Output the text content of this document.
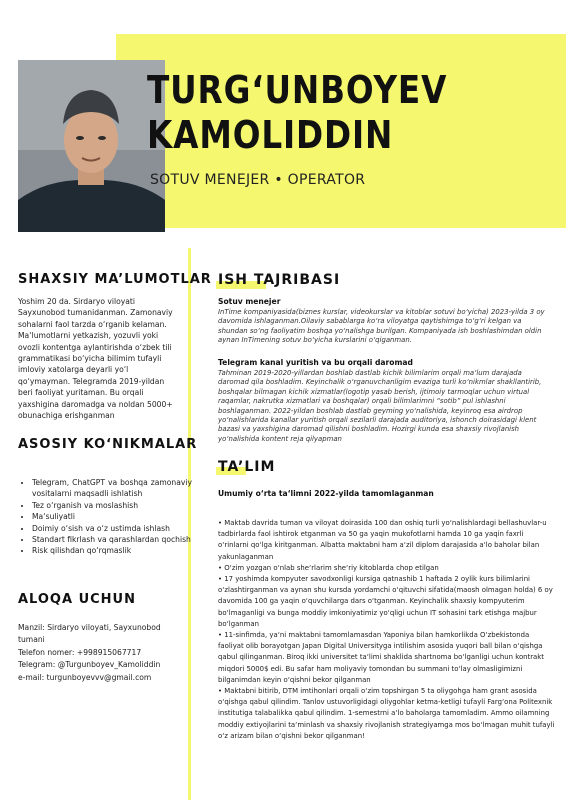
TURG‘UNBOYEV
KAMOLIDDIN
SOTUV MENEJER • OPERATOR
SHAXSIY MA’LUMOTLAR

Yoshim 20 da. Sirdaryo viloyati Sayxunobod tumanidanman. Zamonaviy sohalarni faol tarzda o‘rganib kelaman. Ma‘lumotlarni yetkazish, yozuvli yoki ovozli kontentga aylantirishda o‘zbek tili grammatikasi bo‘yicha bilimim tufayli imloviy xatolarga deyarli yo‘l qo‘ymayman. Telegramda 2019-yildan beri faoliyat yuritaman. Bu orqali yaxshigina daromadga va noldan 5000+ obunachiga erishganman

ASOSIY KO‘NIKMALAR
• Telegram, ChatGPT va boshqa zamonaviy vositalarni maqsadli ishlatish
• Tez o‘rganish va moslashish
• Ma‘suliyatli
• Doimiy o‘sish va o‘z ustimda ishlash
• Standart fikrlash va qarashlardan qochish
• Risk qilishdan qo‘rqmaslik
ALOQA UCHUN
Manzil: Sirdaryo viloyati, Sayxunobod
tumani
Telefon nomer: +998915067717
Telegram: @Turgunboyev_Kamoliddin
e-mail: turgunboyevvv@gmail.com
ISH TAJRIBASI

Sotuv menejer

InTime kompaniyasida(biznes kurslar, videokurslar va kitoblar sotuvi bo‘yicha) 2023-yilda 3 oy davomida ishlaganman.Oilaviy sabablarga ko‘ra viloyatga qaytishimga to‘g‘ri kelgan va shundan so‘ng faoliyatim boshqa yo‘nalishga burilgan. Kompaniyada ish boshlashimdan oldin aynan InTimening sotuv bo‘yicha kurslarini o‘qiganman.

Telegram kanal yuritish va bu orqali daromad

Tahminan 2019-2020-yillardan boshlab dastlab kichik bilimlarim orqali ma‘lum darajada daromad qila boshladim. Keyinchalik o‘rganuvchanligim evaziga turli ko‘nikmlar shakllantirib, boshqalar bilmagan kichik xizmatlar(logotip yasab berish, ijtimoiy tarmoqlar uchun virtual raqamlar, nakrutka xizmatlari va boshqalar) orqali bilimlarimni “sotib” pul ishlashni boshlaganman. 2022-yildan boshlab dastlab geyming yo‘nalishida, keyinroq esa airdrop yo‘nalishlarida kanallar yuritish orqali sezilarli darajada auditoriya, ishonch doirasidagi klent bazasi va yaxshigina daromad qilishni boshladim. Hozirgi kunda esa shaxsiy rivojlanish yo‘nalishida kontent reja qilyapman

TA’LIM

Umumiy o‘rta ta‘limni 2022-yilda tamomlaganman

• Maktab davrida tuman va viloyat doirasida 100 dan oshiq turli yo‘nalishlardagi bellashuvlar-u tadbirlarda faol ishtirok etganman va 50 ga yaqin mukofotlarni hamda 10 ga yaqin faxrli o‘rinlarni qo‘lga kiritganman. Albatta maktabni ham a‘zil diplom darajasida a‘lo baholar bilan yakunlaganman
• O‘zim yozgan o‘nlab she‘rlarim she‘riy kitoblarda chop etilgan
• 17 yoshimda kompyuter savodxonligi kursiga qatnashib 1 haftada 2 oylik kurs bilimlarini o‘zlashtirganman va aynan shu kursda yordamchi o‘qituvchi sifatida(maosh olmagan holda) 6 oy davomida 100 ga yaqin o‘quvchilarga dars o‘tganman. Keyinchalik shaxsiy kompyuterim bo‘lmaganligi va bunga moddiy imkoniyatimiz yo‘qligi uchun IT sohasini tark etishga majbur bo‘lganman
• 11-sinfimda, ya‘ni maktabni tamomlamasdan Yaponiya bilan hamkorlikda O‘zbekistonda faoliyat olib borayotgan Japan Digital Universityga intilishim asosida yuqori ball bilan o‘qishga qabul qilinganman. Biroq ikki universitet ta‘limi shaklida shartnoma bo‘lganligi uchun kontrakt miqdori 5000$ edi. Bu safar ham moliyaviy tomondan bu summani to‘lay olmasligimizni bilganimdan keyin o‘qishni bekor qilganman
• Maktabni bitirib, DTM imtihonlari orqali o‘zim topshirgan 5 ta oliygohga ham grant asosida o‘qishga qabul qilindim. Tanlov ustuvorligidagi oliygohlar ketma-ketligi tufayli Farg‘ona Politexnik institutiga talabalikka qabul qilindim. 1-semestrni a‘lo baholarga tamomladim. Ammo oilamning moddiy extiyojlarini ta‘minlash va shaxsiy rivojlanish strategiyamga mos bo‘lmagan muhit tufayli o‘z arizam bilan o‘qishni bekor qilganman!
